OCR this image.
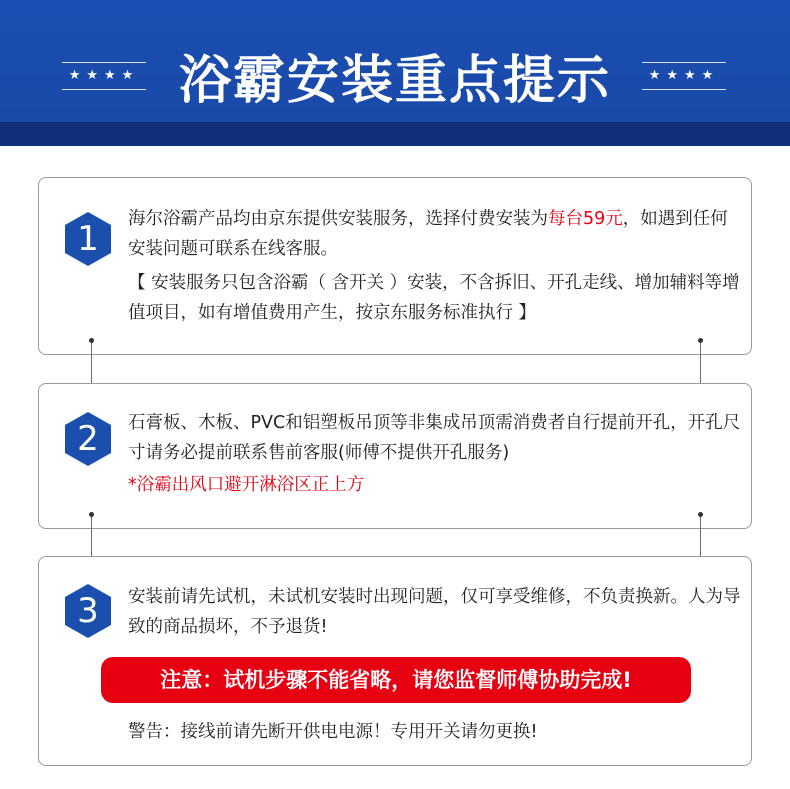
★★★★ 浴霸安装重点提示	★★★★
1	海尔浴霸产品均由京东提供安装服务，选择付费安装为每台59元，如遇到任何安装问题可联系在线客服。
【 安装服务只包含浴霸（ 含开关 ）安装，不含拆旧、开孔走线、增加辅料等增值项目，如有增值费用产生，按京东服务标准执行 】
2	石膏板、木板、PVC和铝塑板吊顶等非集成吊顶需消费者自行提前开孔，开孔尺寸请务必提前联系售前客服(师傅不提供开孔服务)
*浴霸出风口避开淋浴区正上方
3	安装前请先试机，未试机安装时出现问题，仅可享受维修，不负责换新。人为导致的商品损坏，不予退货!
注意：试机步骤不能省略，请您监督师傅协助完成!
警告：接线前请先断开供电电源！专用开关请勿更换!
